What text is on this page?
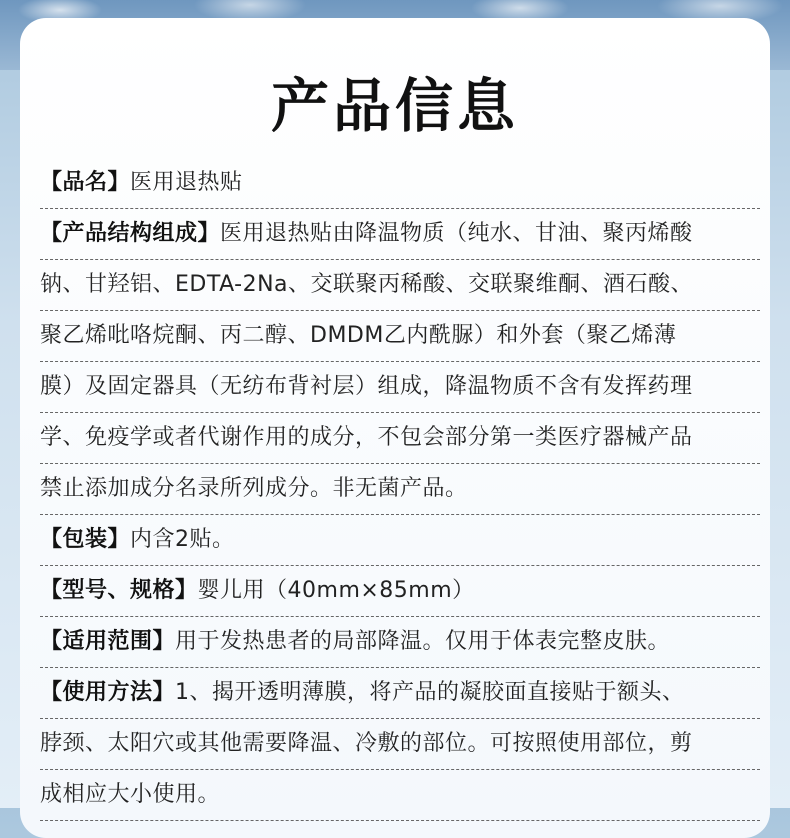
产品信息
【品名】医用退热贴
【产品结构组成】医用退热贴由降温物质（纯水、甘油、聚丙烯酸
钠、甘羟铝、EDTA-2Na、交联聚丙稀酸、交联聚维酮、酒石酸、
聚乙烯吡咯烷酮、丙二醇、DMDM乙内酰脲）和外套（聚乙烯薄
膜）及固定器具（无纺布背衬层）组成，降温物质不含有发挥药理
学、免疫学或者代谢作用的成分，不包会部分第一类医疗器械产品
禁止添加成分名录所列成分。非无菌产品。
【包装】内含2贴。
【型号、规格】婴儿用（40mm×85mm）
【适用范围】用于发热患者的局部降温。仅用于体表完整皮肤。
【使用方法】1、揭开透明薄膜，将产品的凝胶面直接贴于额头、
脖颈、太阳穴或其他需要降温、冷敷的部位。可按照使用部位，剪
成相应大小使用。
